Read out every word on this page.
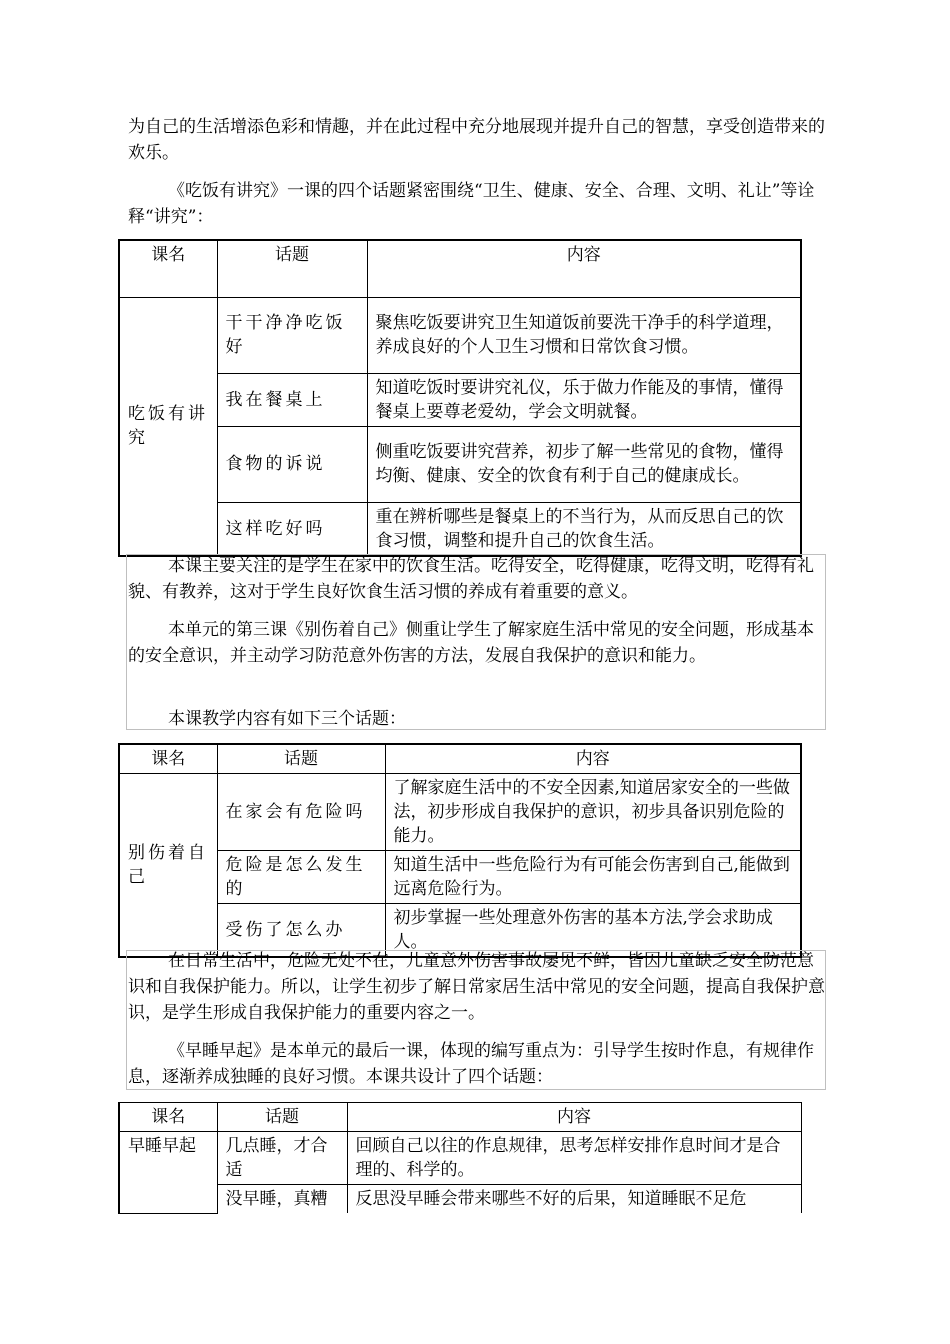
为自己的生活增添色彩和情趣，并在此过程中充分地展现并提升自己的智慧，享受创造带来的欢乐。

《吃饭有讲究》一课的四个话题紧密围绕“卫生、健康、安全、合理、文明、礼让”等诠释“讲究”：

课名	话题	内容
吃饭有讲究	干干净净吃饭好	聚焦吃饭要讲究卫生知道饭前要洗干净手的科学道理，养成良好的个人卫生习惯和日常饮食习惯。
	我在餐桌上	知道吃饭时要讲究礼仪，乐于做力作能及的事情，懂得餐桌上要尊老爱幼，学会文明就餐。
	食物的诉说	侧重吃饭要讲究营养，初步了解一些常见的食物，懂得均衡、健康、安全的饮食有利于自己的健康成长。
	这样吃好吗	重在辨析哪些是餐桌上的不当行为，从而反思自己的饮食习惯，调整和提升自己的饮食生活。

本课主要关注的是学生在家中的饮食生活。吃得安全，吃得健康，吃得文明，吃得有礼貌、有教养，这对于学生良好饮食生活习惯的养成有着重要的意义。

本单元的第三课《别伤着自己》侧重让学生了解家庭生活中常见的安全问题，形成基本的安全意识，并主动学习防范意外伤害的方法，发展自我保护的意识和能力。

本课教学内容有如下三个话题：

课名	话题	内容
别伤着自己	在家会有危险吗	了解家庭生活中的不安全因素,知道居家安全的一些做法，初步形成自我保护的意识，初步具备识别危险的能力。
	危险是怎么发生的	知道生活中一些危险行为有可能会伤害到自己,能做到远离危险行为。
	受伤了怎么办	初步掌握一些处理意外伤害的基本方法,学会求助成人。

在日常生活中，危险无处不在，儿童意外伤害事故屡见不鲜，皆因儿童缺乏安全防范意识和自我保护能力。所以，让学生初步了解日常家居生活中常见的安全问题，提高自我保护意识，是学生形成自我保护能力的重要内容之一。

《早睡早起》是本单元的最后一课，体现的编写重点为：引导学生按时作息，有规律作息，逐渐养成独睡的良好习惯。本课共设计了四个话题：

课名	话题	内容
早睡早起	几点睡，才合适	回顾自己以往的作息规律，思考怎样安排作息时间才是合理的、科学的。
	没早睡，真糟	反思没早睡会带来哪些不好的后果，知道睡眠不足危
